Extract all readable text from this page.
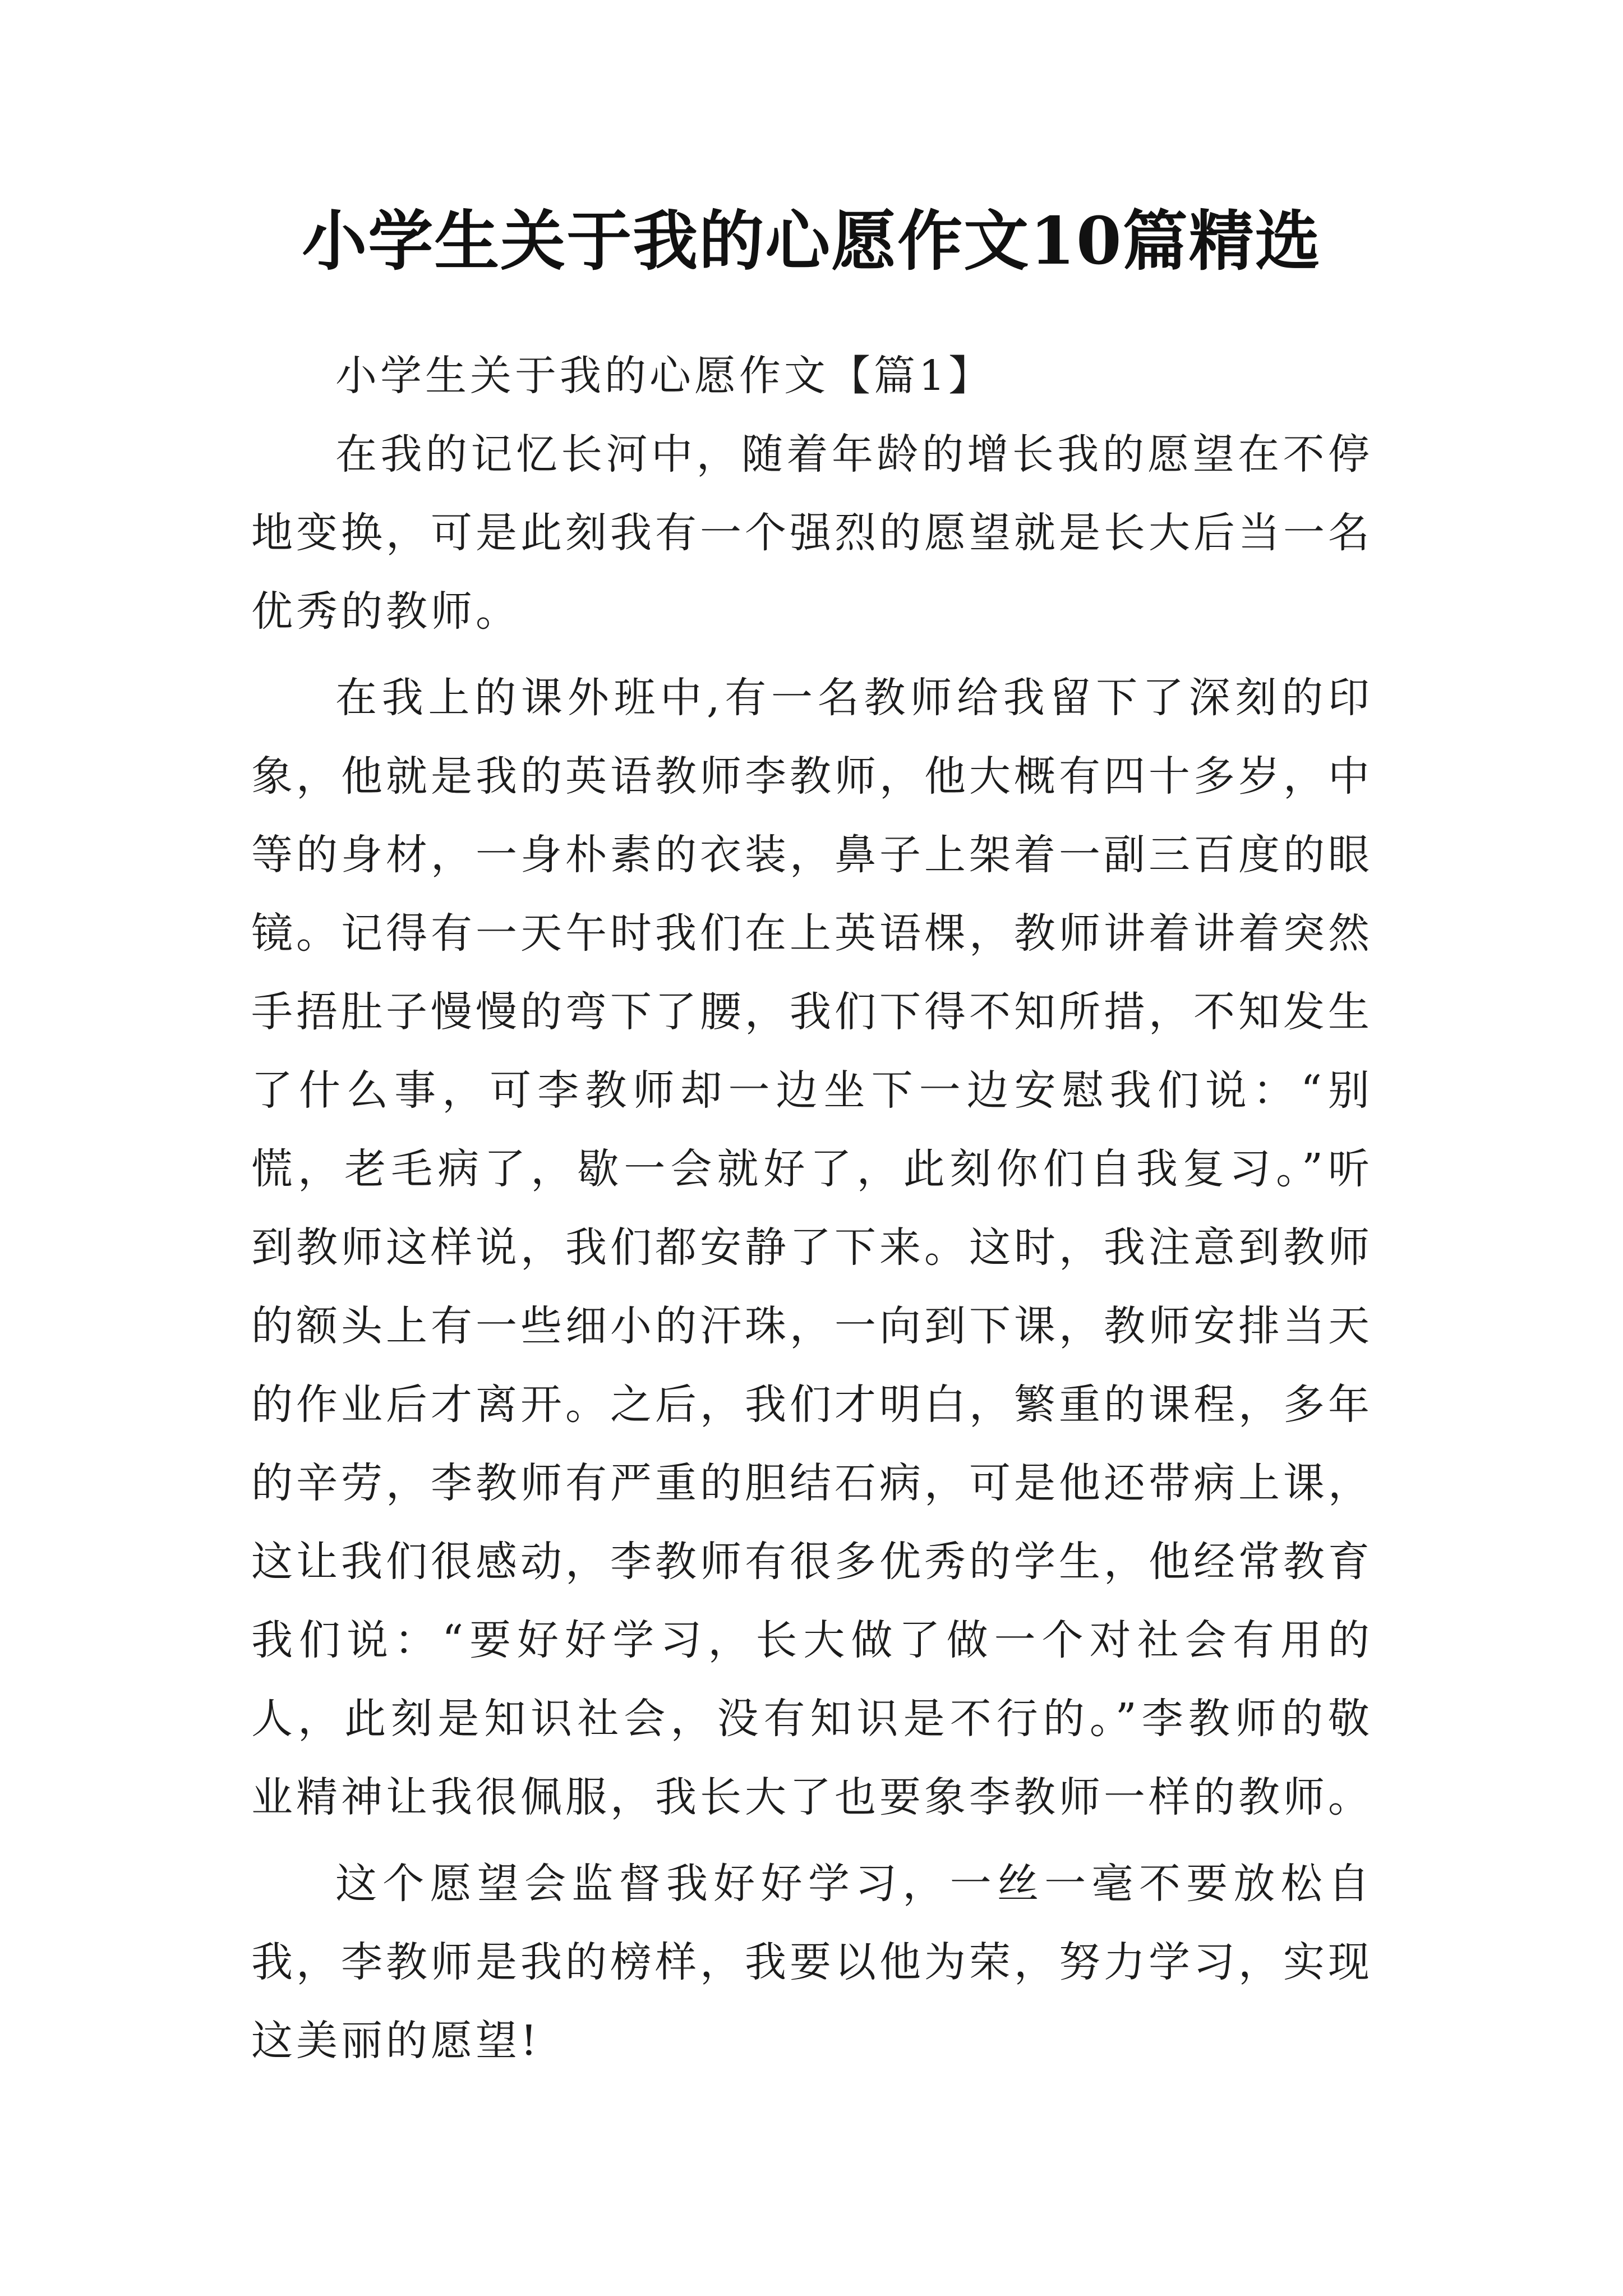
小学生关于我的心愿作文10篇精选

小学生关于我的心愿作文【篇1】

在我的记忆长河中，随着年龄的增长我的愿望在不停地变换，可是此刻我有一个强烈的愿望就是长大后当一名优秀的教师。

在我上的课外班中,有一名教师给我留下了深刻的印象，他就是我的英语教师李教师，他大概有四十多岁，中等的身材，一身朴素的衣装，鼻子上架着一副三百度的眼镜。记得有一天午时我们在上英语棵，教师讲着讲着突然手捂肚子慢慢的弯下了腰，我们下得不知所措，不知发生了什么事，可李教师却一边坐下一边安慰我们说：“别慌，老毛病了，歇一会就好了，此刻你们自我复习。”听到教师这样说，我们都安静了下来。这时，我注意到教师的额头上有一些细小的汗珠，一向到下课，教师安排当天的作业后才离开。之后，我们才明白，繁重的课程，多年的辛劳，李教师有严重的胆结石病，可是他还带病上课，这让我们很感动，李教师有很多优秀的学生，他经常教育我们说：“要好好学习，长大做了做一个对社会有用的人，此刻是知识社会，没有知识是不行的。”李教师的敬业精神让我很佩服，我长大了也要象李教师一样的教师。

这个愿望会监督我好好学习，一丝一毫不要放松自我，李教师是我的榜样，我要以他为荣，努力学习，实现这美丽的愿望!
